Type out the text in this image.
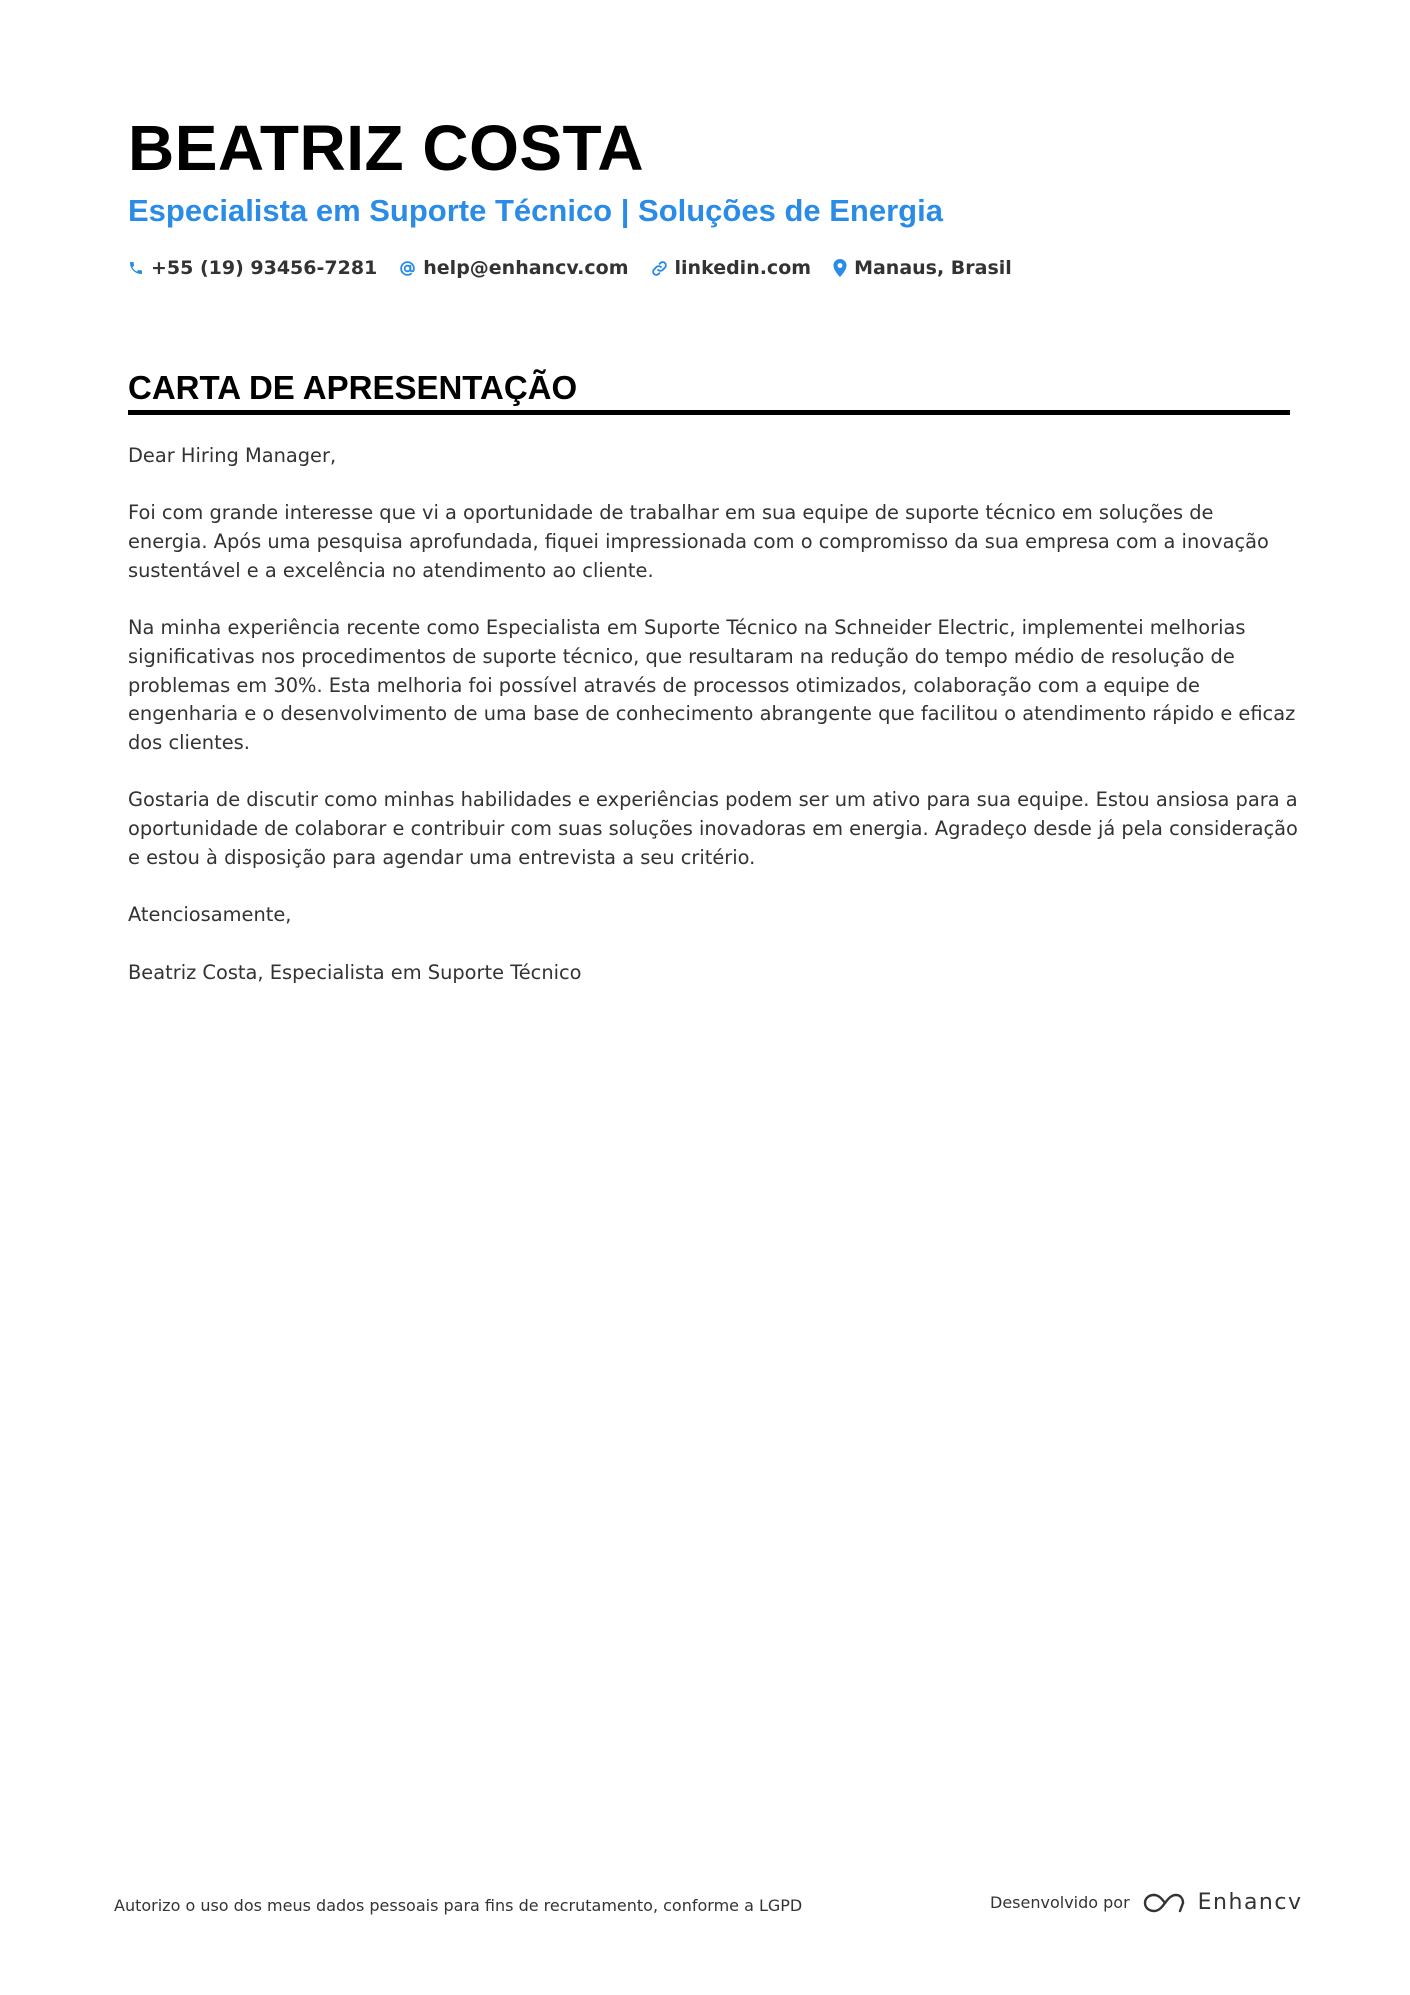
BEATRIZ COSTA
Especialista em Suporte Técnico | Soluções de Energia
+55 (19) 93456-7281 help@enhancv.com linkedin.com Manaus, Brasil
CARTA DE APRESENTAÇÃO

Dear Hiring Manager,

Foi com grande interesse que vi a oportunidade de trabalhar em sua equipe de suporte técnico em soluções de energia. Após uma pesquisa aprofundada, fiquei impressionada com o compromisso da sua empresa com a inovação sustentável e a excelência no atendimento ao cliente.

Na minha experiência recente como Especialista em Suporte Técnico na Schneider Electric, implementei melhorias significativas nos procedimentos de suporte técnico, que resultaram na redução do tempo médio de resolução de problemas em 30%. Esta melhoria foi possível através de processos otimizados, colaboração com a equipe de engenharia e o desenvolvimento de uma base de conhecimento abrangente que facilitou o atendimento rápido e eficaz dos clientes.

Gostaria de discutir como minhas habilidades e experiências podem ser um ativo para sua equipe. Estou ansiosa para a oportunidade de colaborar e contribuir com suas soluções inovadoras em energia. Agradeço desde já pela consideração e estou à disposição para agendar uma entrevista a seu critério.

Atenciosamente,

Beatriz Costa, Especialista em Suporte Técnico

Autorizo o uso dos meus dados pessoais para fins de recrutamento, conforme a LGPD	Desenvolvido por	Enhancv
